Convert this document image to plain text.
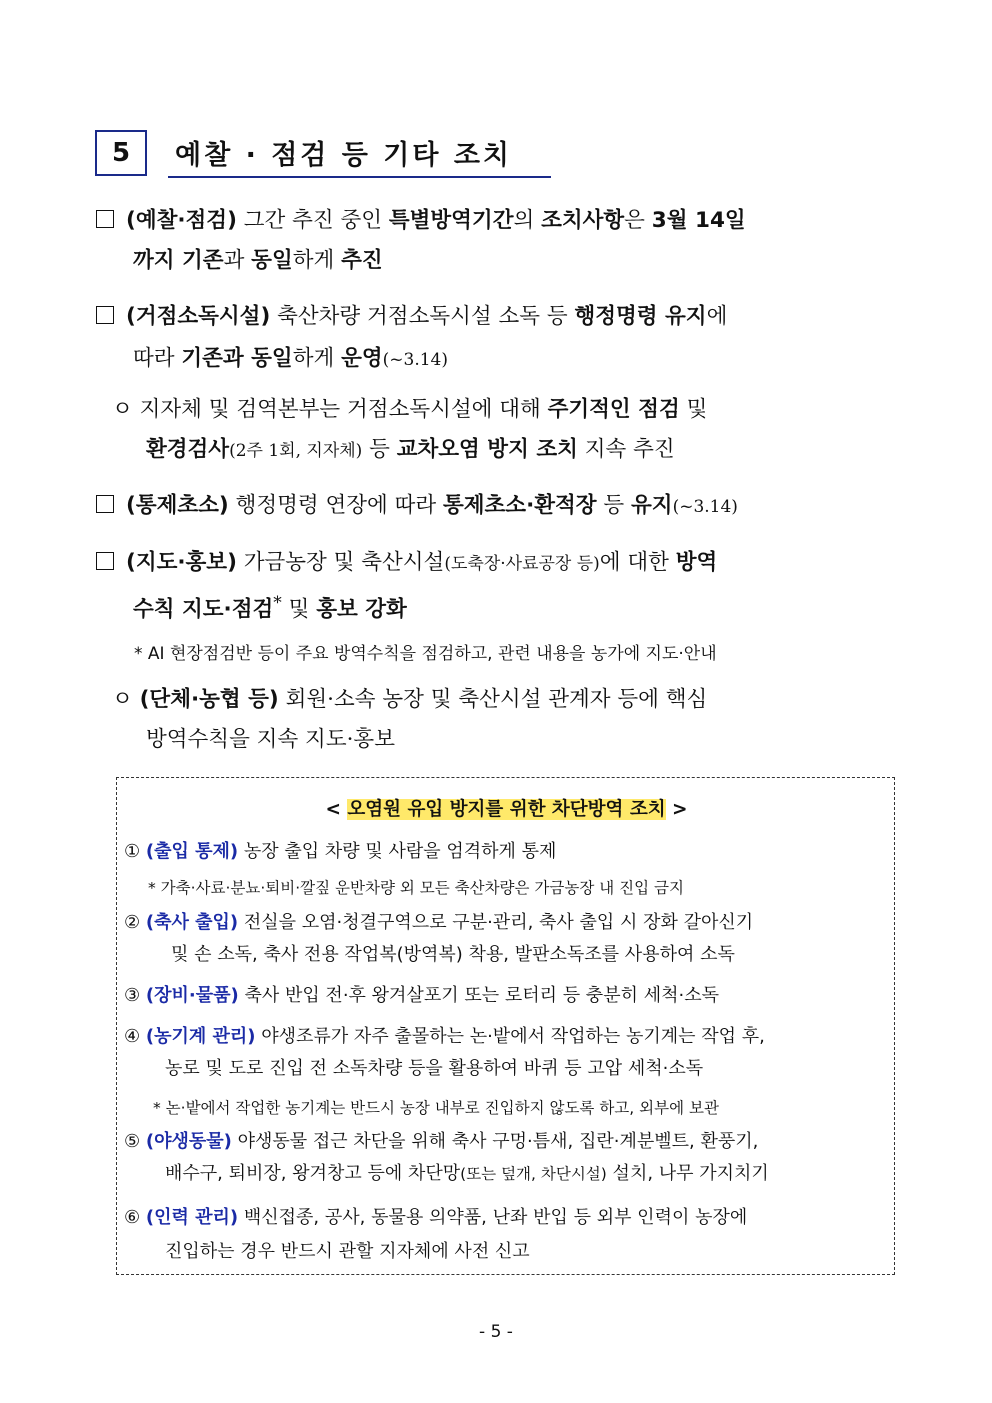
5 예찰 · 점검 등 기타 조치
(예찰·점검) 그간 추진 중인 특별방역기간의 조치사항은 3월 14일
까지 기존과 동일하게 추진
(거점소독시설) 축산차량 거점소독시설 소독 등 행정명령 유지에
따라 기존과 동일하게 운영(~3.14)
ㅇ 지자체 및 검역본부는 거점소독시설에 대해 주기적인 점검 및
환경검사(2주 1회, 지자체) 등 교차오염 방지 조치 지속 추진
(통제초소) 행정명령 연장에 따라 통제초소·환적장 등 유지(~3.14)
(지도·홍보) 가금농장 및 축산시설(도축장·사료공장 등)에 대한 방역
수칙 지도·점검* 및 홍보 강화
* AI 현장점검반 등이 주요 방역수칙을 점검하고, 관련 내용을 농가에 지도·안내
ㅇ (단체·농협 등) 회원·소속 농장 및 축산시설 관계자 등에 핵심
방역수칙을 지속 지도·홍보
< 오염원 유입 방지를 위한 차단방역 조치 >
① (출입 통제) 농장 출입 차량 및 사람을 엄격하게 통제
* 가축·사료·분뇨·퇴비·깔짚 운반차량 외 모든 축산차량은 가금농장 내 진입 금지
② (축사 출입) 전실을 오염·청결구역으로 구분·관리, 축사 출입 시 장화 갈아신기
및 손 소독, 축사 전용 작업복(방역복) 착용, 발판소독조를 사용하여 소독
③ (장비·물품) 축사 반입 전·후 왕겨살포기 또는 로터리 등 충분히 세척·소독
④ (농기계 관리) 야생조류가 자주 출몰하는 논·밭에서 작업하는 농기계는 작업 후,
농로 및 도로 진입 전 소독차량 등을 활용하여 바퀴 등 고압 세척·소독
* 논·밭에서 작업한 농기계는 반드시 농장 내부로 진입하지 않도록 하고, 외부에 보관
⑤ (야생동물) 야생동물 접근 차단을 위해 축사 구멍·틈새, 집란·계분벨트, 환풍기,
배수구, 퇴비장, 왕겨창고 등에 차단망(또는 덮개, 차단시설) 설치, 나무 가지치기
⑥ (인력 관리) 백신접종, 공사, 동물용 의약품, 난좌 반입 등 외부 인력이 농장에
진입하는 경우 반드시 관할 지자체에 사전 신고
- 5 -
